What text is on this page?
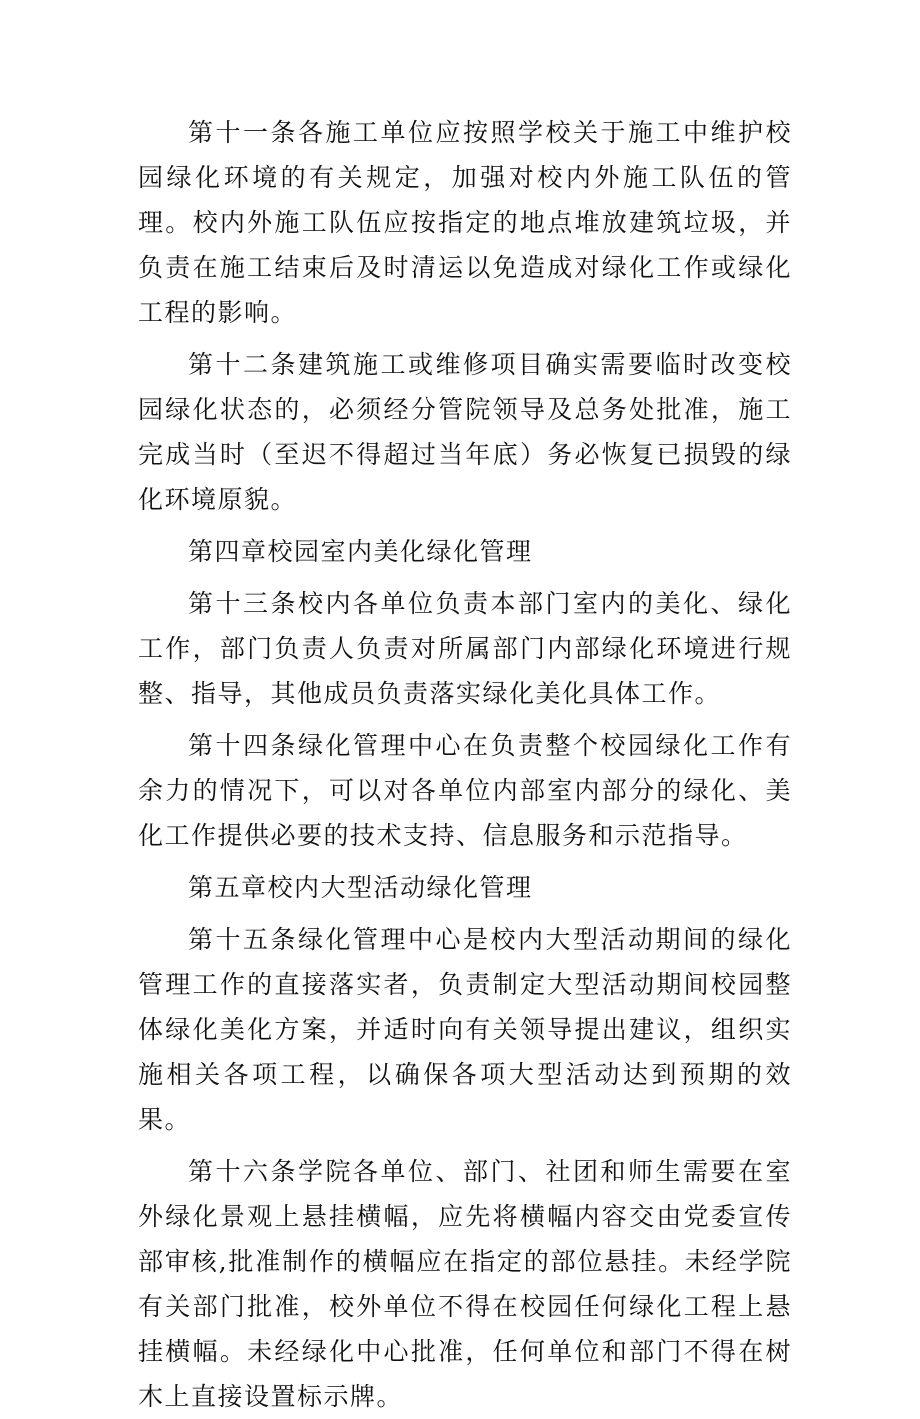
第十一条各施工单位应按照学校关于施工中维护校园绿化环境的有关规定，加强对校内外施工队伍的管理。校内外施工队伍应按指定的地点堆放建筑垃圾，并负责在施工结束后及时清运以免造成对绿化工作或绿化工程的影响。

第十二条建筑施工或维修项目确实需要临时改变校园绿化状态的，必须经分管院领导及总务处批准，施工完成当时（至迟不得超过当年底）务必恢复已损毁的绿化环境原貌。

第四章校园室内美化绿化管理

第十三条校内各单位负责本部门室内的美化、绿化工作，部门负责人负责对所属部门内部绿化环境进行规整、指导，其他成员负责落实绿化美化具体工作。

第十四条绿化管理中心在负责整个校园绿化工作有余力的情况下，可以对各单位内部室内部分的绿化、美化工作提供必要的技术支持、信息服务和示范指导。

第五章校内大型活动绿化管理

第十五条绿化管理中心是校内大型活动期间的绿化管理工作的直接落实者，负责制定大型活动期间校园整体绿化美化方案，并适时向有关领导提出建议，组织实施相关各项工程，以确保各项大型活动达到预期的效果。

第十六条学院各单位、部门、社团和师生需要在室外绿化景观上悬挂横幅，应先将横幅内容交由党委宣传部审核,批准制作的横幅应在指定的部位悬挂。未经学院有关部门批准，校外单位不得在校园任何绿化工程上悬挂横幅。未经绿化中心批准，任何单位和部门不得在树木上直接设置标示牌。
